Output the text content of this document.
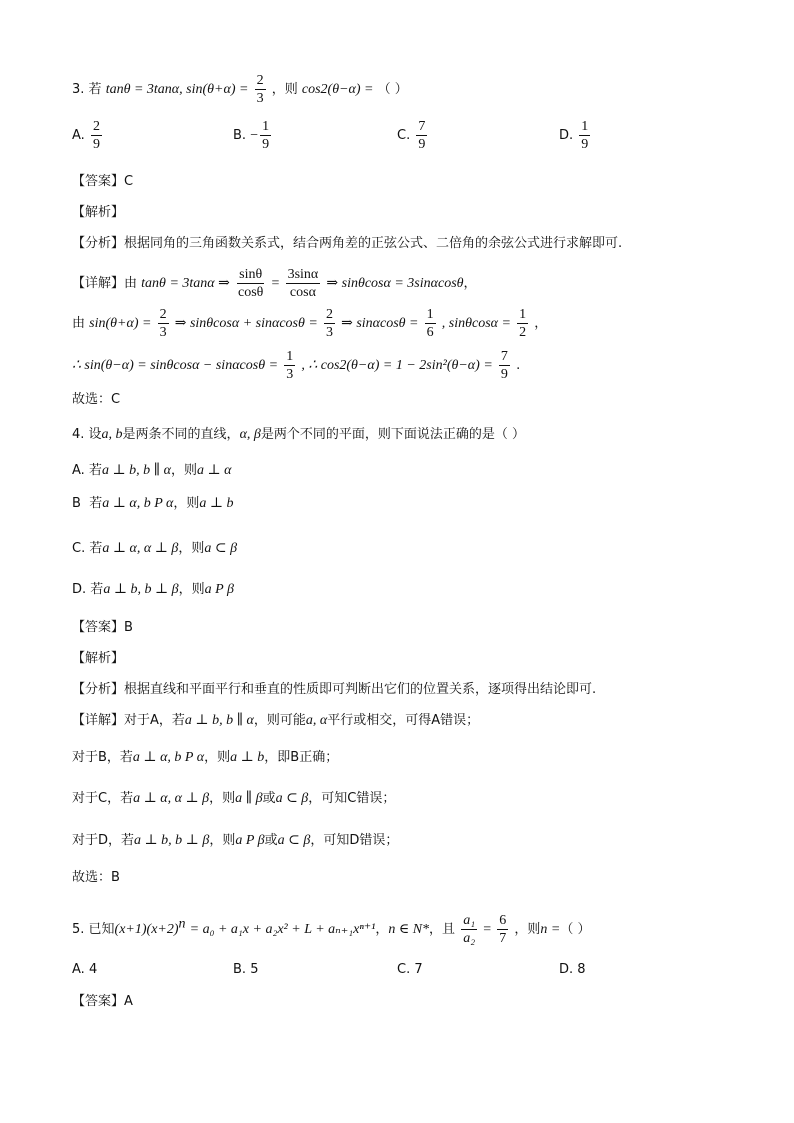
3. 若 tanθ = 3tanα, $\sin(\theta+\alpha) = \frac{2}{3}$ ，则 cos2(θ−α) = （ ）
A. $\frac{2}{9}$	B. − $\frac{1}{9}$	C. $\frac{7}{9}$	D. $\frac{1}{9}$
【答案】C
【解析】
【分析】根据同角的三角函数关系式，结合两角差的正弦公式、二倍角的余弦公式进行求解即可.
【详解】由 tanθ = 3tanα ⇒ $\frac{\sin\theta}{\cos\theta} = \frac{3\sin\alpha}{\cos\alpha}$ ⇒ sinθcosα = 3sinαcosθ，
由 $\sin(\theta+\alpha) = \frac{2}{3}$ ⇒ $\sin\theta\cos\alpha + \sin\alpha\cos\theta = \frac{2}{3}$ ⇒ $\sin\alpha\cos\theta = \frac{1}{6}$ , $\sin\theta\cos\alpha = \frac{1}{2}$ ，
∴ $\sin(\theta-\alpha) = \sin\theta\cos\alpha - \sin\alpha\cos\theta = \frac{1}{3}$ , ∴ $\cos 2(\theta-\alpha) = 1 - 2\sin^2(\theta-\alpha) = \frac{7}{9}$ .
故选：C
4. 设a, b是两条不同的直线，α, β是两个不同的平面，则下面说法正确的是（ ）
A. 若a ⊥ b, b ∥ α，则a ⊥ α
B 若a ⊥ α, b P α，则a ⊥ b
C. 若a ⊥ α, α ⊥ β，则a ⊂ β
D. 若a ⊥ b, b ⊥ β，则a P β
【答案】B
【解析】
【分析】根据直线和平面平行和垂直的性质即可判断出它们的位置关系，逐项得出结论即可.
【详解】对于A，若a ⊥ b, b ∥ α，则可能a, α平行或相交，可得A错误；
对于B，若a ⊥ α, b P α，则a ⊥ b，即B正确；
对于C，若a ⊥ α, α ⊥ β，则a ∥ β或a ⊂ β，可知C错误；
对于D，若a ⊥ b, b ⊥ β，则a P β或a ⊂ β，可知D错误；
故选：B
5. 已知$(x+1)(x+2)^n = a_0 + a_1x + a_2x^2 + L + a_{n+1}x^{n+1}$，n ∈ N*，且 $\frac{\text{a₁}}{\text{a₂}} = \frac{6}{7}$ ，则n =（ ）
A. 4	B. 5	C. 7	D. 8
【答案】A
